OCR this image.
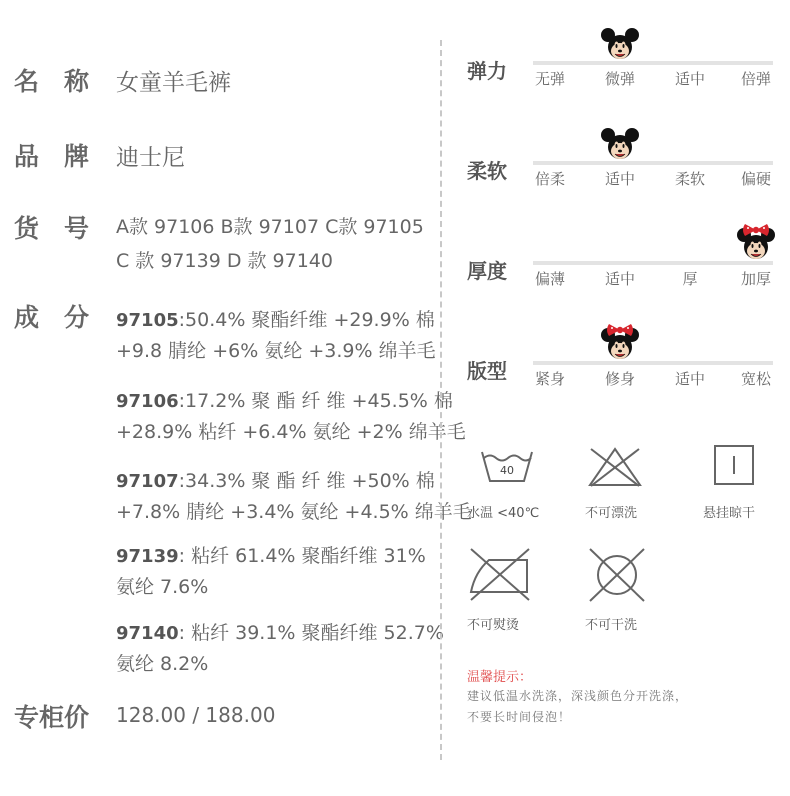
名　称 女童羊毛裤
品　牌 迪士尼
货　号 A款 97106 B款 97107 C款 97105
C 款 97139 D 款 97140
成　分 97105:50.4% 聚酯纤维 +29.9% 棉
+9.8 腈纶 +6% 氨纶 +3.9% 绵羊毛
97106:17.2% 聚 酯 纤 维 +45.5% 棉
+28.9% 粘纤 +6.4% 氨纶 +2% 绵羊毛
97107:34.3% 聚 酯 纤 维 +50% 棉
+7.8% 腈纶 +3.4% 氨纶 +4.5% 绵羊毛
97139: 粘纤 61.4% 聚酯纤维 31%
氨纶 7.6%
97140: 粘纤 39.1% 聚酯纤维 52.7%
氨纶 8.2%
专柜价 128.00 / 188.00
弹力	无弹	微弹	适中	倍弹
柔软	倍柔	适中	柔软	偏硬
厚度	偏薄	适中	厚	加厚
版型	紧身	修身	适中	宽松
40
水温 <40℃	不可漂洗	悬挂晾干
不可熨烫	不可干洗
温馨提示：
建议低温水洗涤，深浅颜色分开洗涤，
不要长时间侵泡！
